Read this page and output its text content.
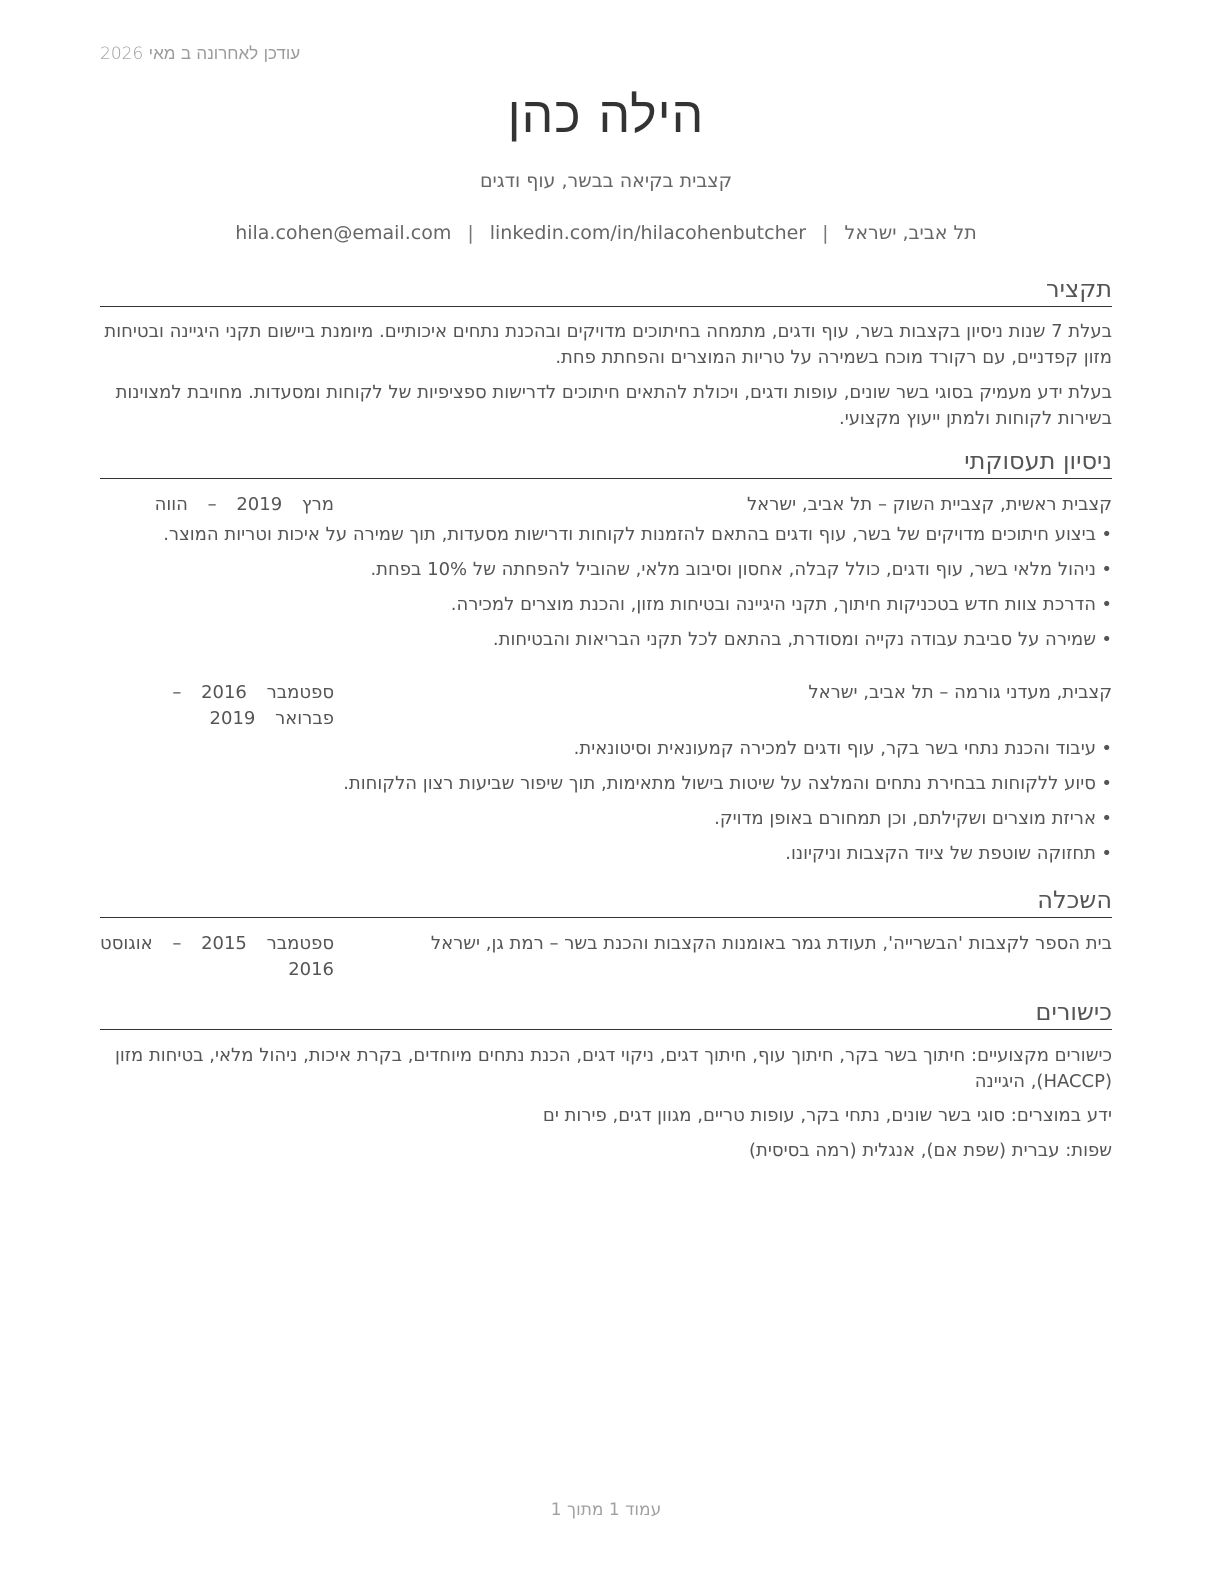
עודכן לאחרונה ב מאי 2026
הילה כהן
קצבית בקיאה בבשר, עוף ודגים
תל אביב, ישראל|hila.cohen@email.com | linkedin.com/in/hilacohenbutcher
תקציר
בעלת 7 שנות ניסיון בקצבות בשר, עוף ודגים, מתמחה בחיתוכים מדויקים ובהכנת נתחים איכותיים. מיומנת ביישום תקני היגיינה ובטיחות מזון קפדניים, עם רקורד מוכח בשמירה על טריות המוצרים והפחתת פחת.
בעלת ידע מעמיק בסוגי בשר שונים, עופות ודגים, ויכולת להתאים חיתוכים לדרישות ספציפיות של לקוחות ומסעדות. מחויבת למצוינות בשירות לקוחות ולמתן ייעוץ מקצועי.
ניסיון תעסוקתי
קצבית ראשית, קצביית השוק – תל אביב, ישראל
מרץ 2019 – הווה
• ביצוע חיתוכים מדויקים של בשר, עוף ודגים בהתאם להזמנות לקוחות ודרישות מסעדות, תוך שמירה על איכות וטריות המוצר.
• ניהול מלאי בשר, עוף ודגים, כולל קבלה, אחסון וסיבוב מלאי, שהוביל להפחתה של 10% בפחת.
• הדרכת צוות חדש בטכניקות חיתוך, תקני היגיינה ובטיחות מזון, והכנת מוצרים למכירה.
• שמירה על סביבת עבודה נקייה ומסודרת, בהתאם לכל תקני הבריאות והבטיחות.
קצבית, מעדני גורמה – תל אביב, ישראל
ספטמבר 2016 – פברואר 2019
• עיבוד והכנת נתחי בשר בקר, עוף ודגים למכירה קמעונאית וסיטונאית.
• סיוע ללקוחות בבחירת נתחים והמלצה על שיטות בישול מתאימות, תוך שיפור שביעות רצון הלקוחות.
• אריזת מוצרים ושקילתם, וכן תמחורם באופן מדויק.
• תחזוקה שוטפת של ציוד הקצבות וניקיונו.
השכלה
בית הספר לקצבות 'הבשרייה', תעודת גמר באומנות הקצבות והכנת בשר – רמת גן, ישראל
ספטמבר 2015 – אוגוסט 2016
כישורים
כישורים מקצועיים: חיתוך בשר בקר, חיתוך עוף, חיתוך דגים, ניקוי דגים, הכנת נתחים מיוחדים, בקרת איכות, ניהול מלאי, בטיחות מזון (HACCP), היגיינה
ידע במוצרים: סוגי בשר שונים, נתחי בקר, עופות טריים, מגוון דגים, פירות ים
שפות: עברית (שפת אם), אנגלית (רמה בסיסית)
עמוד 1 מתוך 1
